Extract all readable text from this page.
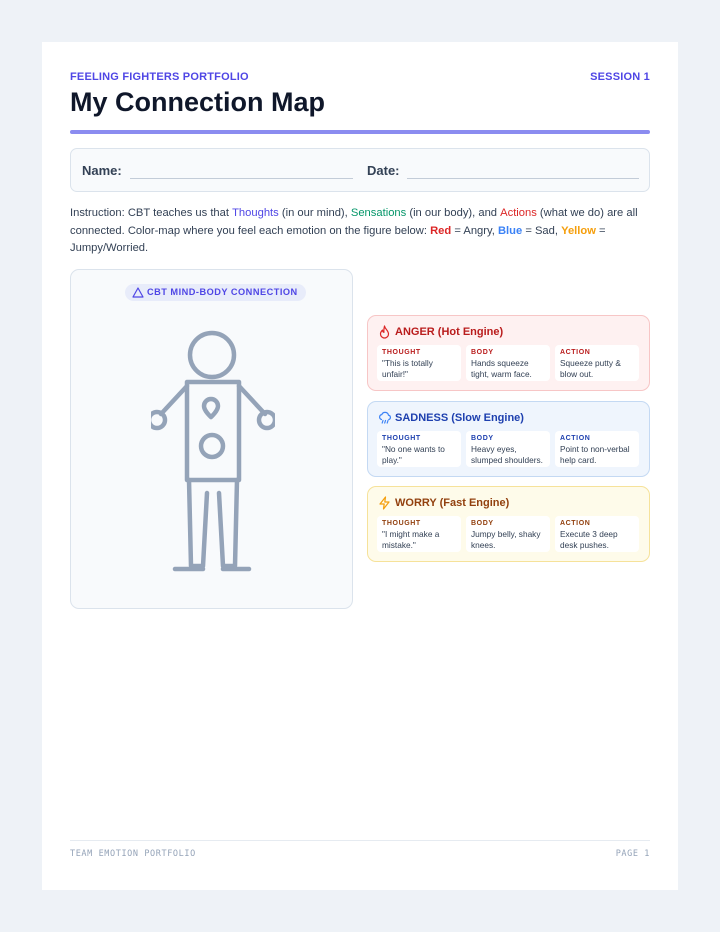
FEELING FIGHTERS PORTFOLIO	SESSION 1
My Connection Map
Name:	Date:
Instruction: CBT teaches us that Thoughts (in our mind), Sensations (in our body), and Actions (what we do) are all connected. Color-map where you feel each emotion on the figure below: Red = Angry, Blue = Sad, Yellow = Jumpy/Worried.
CBT MIND-BODY CONNECTION
ANGER (Hot Engine)
THOUGHT
"This is totally
unfair!"
BODY
Hands squeeze
tight, warm face.
ACTION
Squeeze putty &
blow out.
SADNESS (Slow Engine)
THOUGHT
"No one wants to
play."
BODY
Heavy eyes,
slumped shoulders.
ACTION
Point to non-verbal
help card.
WORRY (Fast Engine)
THOUGHT
"I might make a
mistake."
BODY
Jumpy belly, shaky
knees.
ACTION
Execute 3 deep
desk pushes.
TEAM EMOTION PORTFOLIO	PAGE 1
